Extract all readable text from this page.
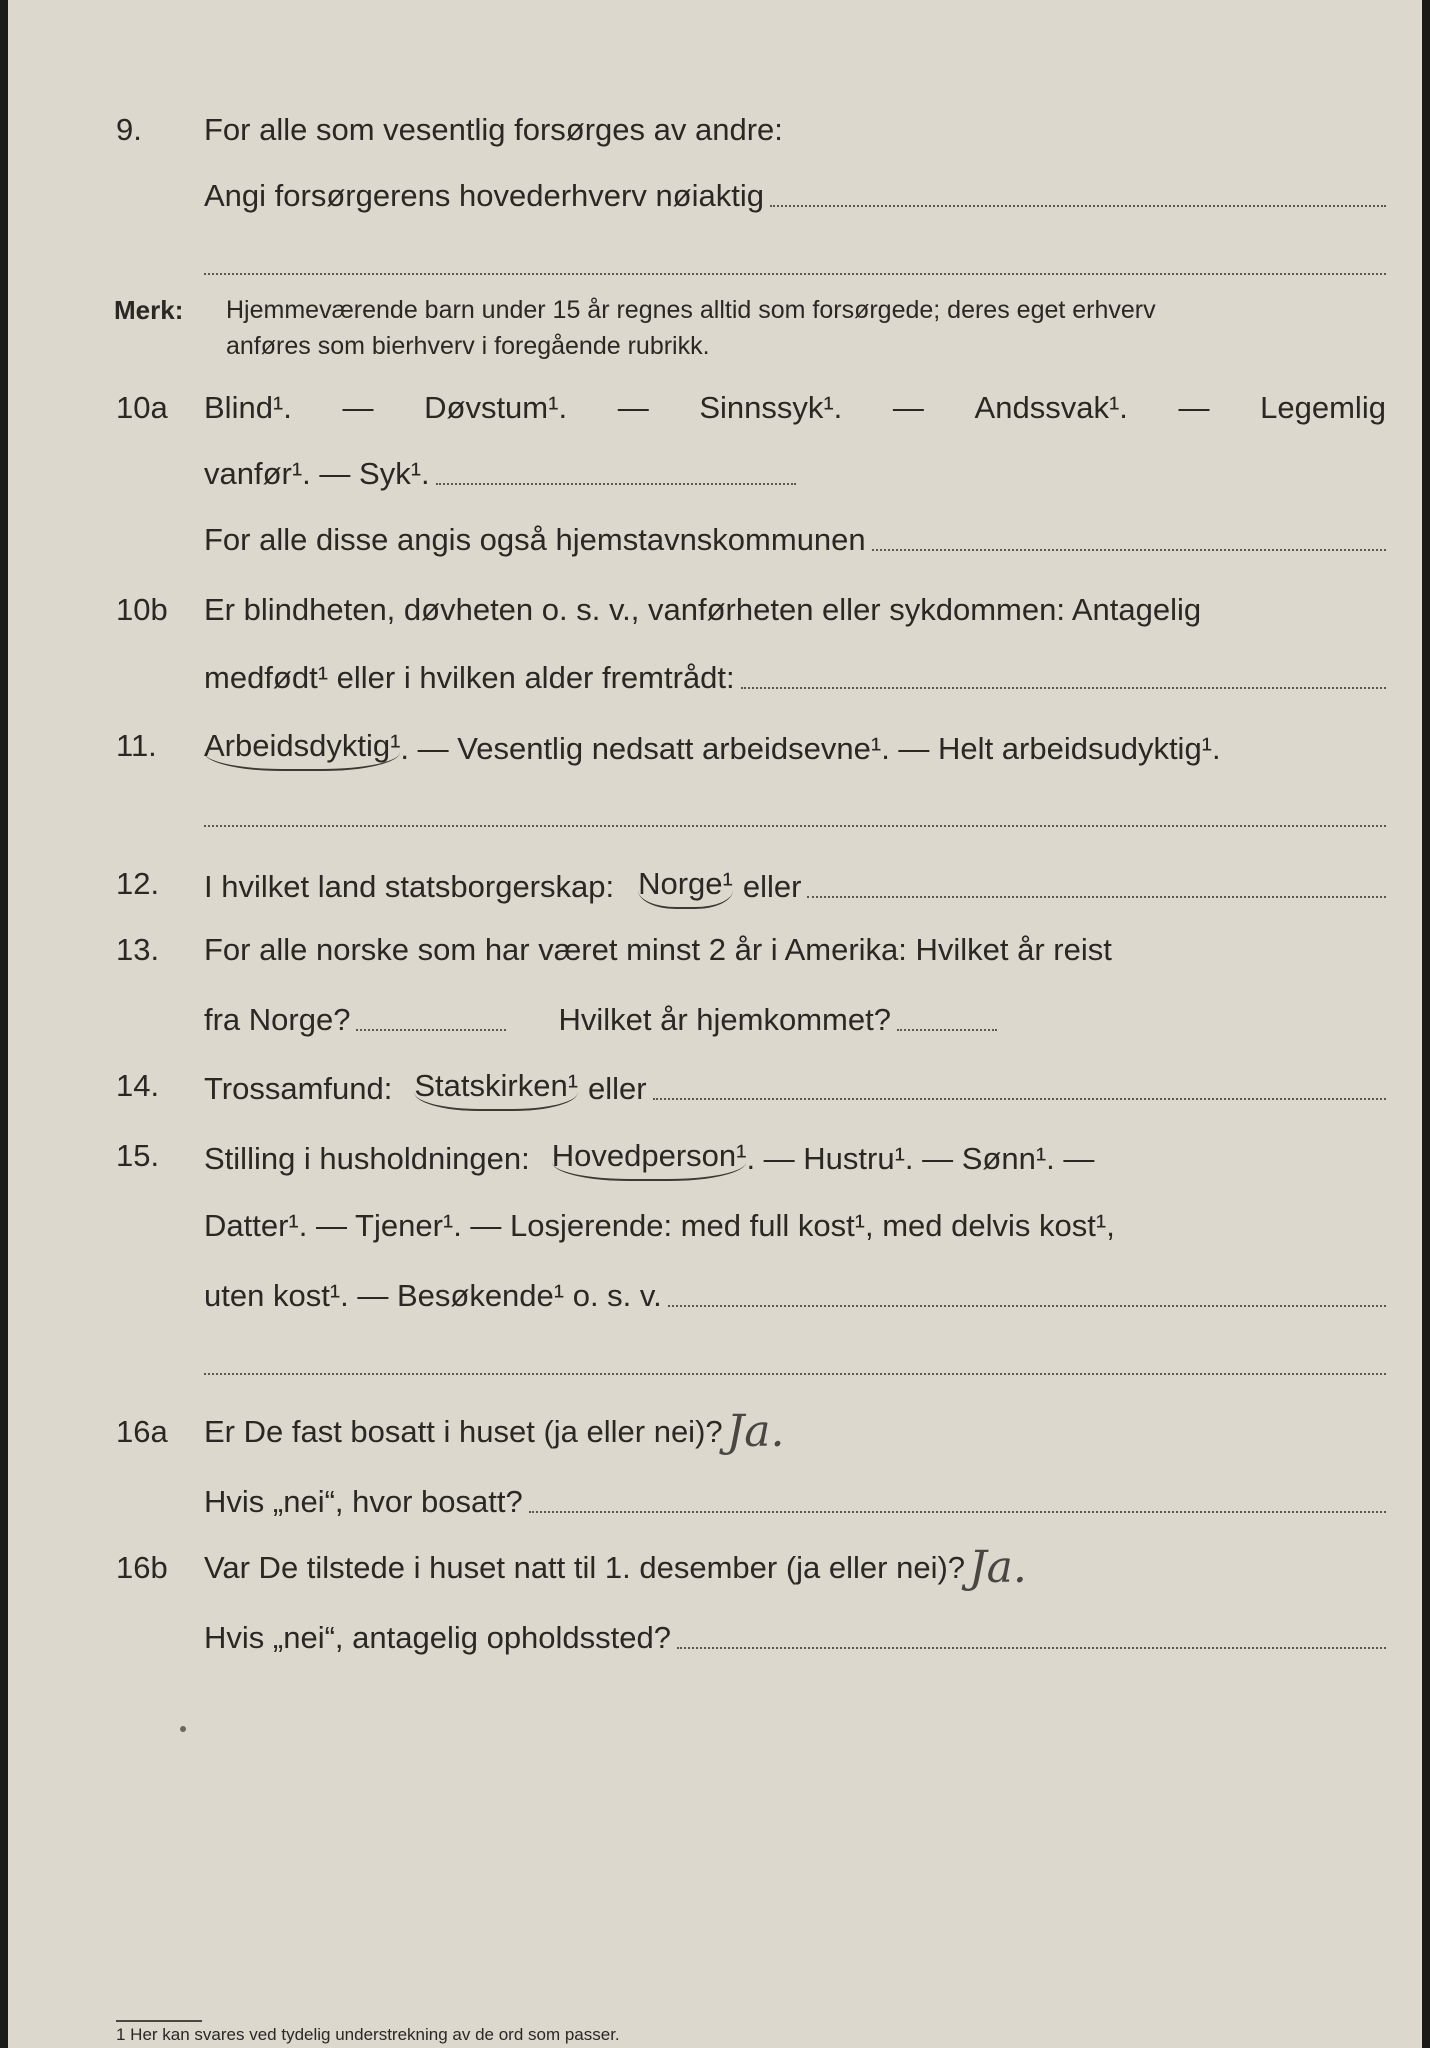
9. For alle som vesentlig forsørges av andre:
Angi forsørgerens hovederhverv nøiaktig
Merk: Hjemmeværende barn under 15 år regnes alltid som forsørgede; deres eget erhverv
anføres som bierhverv i foregående rubrikk.
10a Blind¹. — Døvstum¹. — Sinnssyk¹. — Andssvak¹. — Legemlig
vanfør¹. — Syk¹.
For alle disse angis også hjemstavnskommunen
10b Er blindheten, døvheten o. s. v., vanførheten eller sykdommen: Antagelig
medfødt¹ eller i hvilken alder fremtrådt:
11. Arbeidsdyktig¹ . — Vesentlig nedsatt arbeidsevne¹. — Helt arbeidsudyktig¹.
12. I hvilket land statsborgerskap: Norge¹ eller
13. For alle norske som har været minst 2 år i Amerika: Hvilket år reist
fra Norge?	Hvilket år hjemkommet?
14. Trossamfund: Statskirken¹ eller
15. Stilling i husholdningen: Hovedperson¹ . — Hustru¹. — Sønn¹. —
Datter¹. — Tjener¹. — Losjerende: med full kost¹, med delvis kost¹,
uten kost¹. — Besøkende¹ o. s. v.
16a Er De fast bosatt i huset (ja eller nei)? Ja.
Hvis „nei“, hvor bosatt?
16b Var De tilstede i huset natt til 1. desember (ja eller nei)? Ja.
Hvis „nei“, antagelig opholdssted?
1 Her kan svares ved tydelig understrekning av de ord som passer.
